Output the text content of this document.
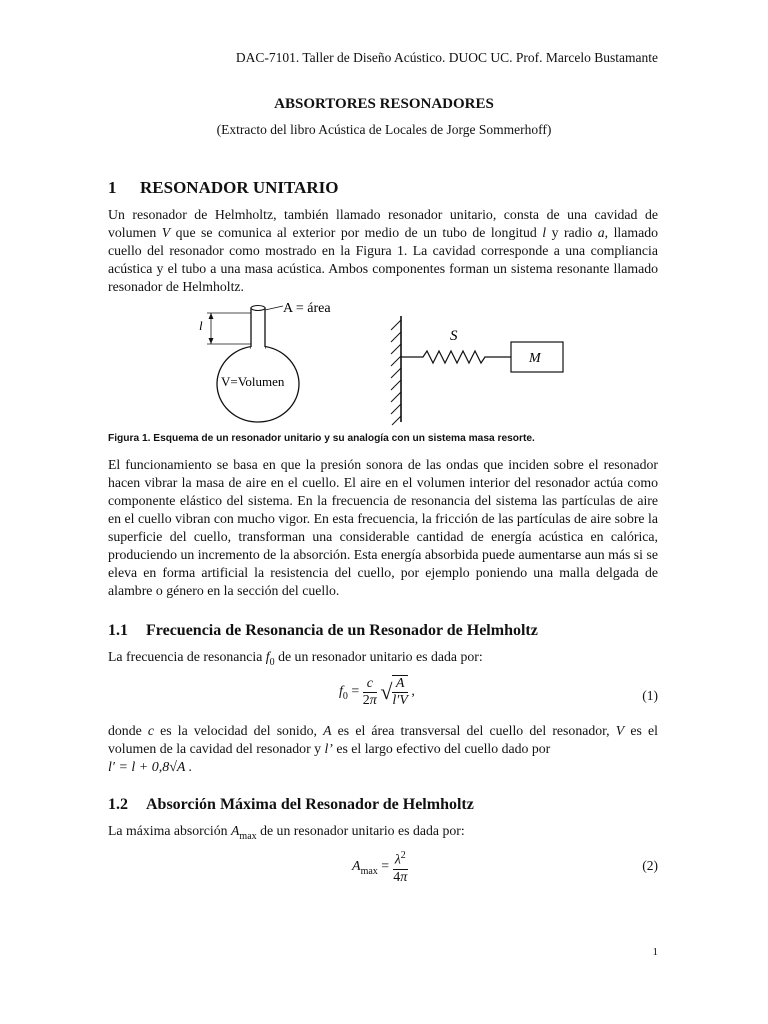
DAC-7101. Taller de Diseño Acústico. DUOC UC. Prof. Marcelo Bustamante
ABSORTORES RESONADORES
(Extracto del libro Acústica de Locales de Jorge Sommerhoff)
1 RESONADOR UNITARIO
Un resonador de Helmholtz, también llamado resonador unitario, consta de una cavidad de volumen V que se comunica al exterior por medio de un tubo de longitud l y radio a, llamado cuello del resonador como mostrado en la Figura 1. La cavidad corresponde a una compliancia acústica y el tubo a una masa acústica. Ambos componentes forman un sistema resonante llamado resonador de Helmholtz.
l
A = área
V=Volumen
S
M
Figura 1. Esquema de un resonador unitario y su analogía con un sistema masa resorte.
El funcionamiento se basa en que la presión sonora de las ondas que inciden sobre el resonador hacen vibrar la masa de aire en el cuello. El aire en el volumen interior del resonador actúa como componente elástico del sistema. En la frecuencia de resonancia del sistema las partículas de aire en el cuello vibran con mucho vigor. En esta frecuencia, la fricción de las partículas de aire sobre la superficie del cuello, transforman una considerable cantidad de energía acústica en calórica, produciendo un incremento de la absorción. Esta energía absorbida puede aumentarse aun más si se eleva en forma artificial la resistencia del cuello, por ejemplo poniendo una malla delgada de alambre o género en la sección del cuello.
1.1 Frecuencia de Resonancia de un Resonador de Helmholtz
La frecuencia de resonancia $f_0$ de un resonador unitario es dada por:
$f_0 = \frac{c}{2\pi}$ √ $\frac{A}{l'V}$ ,	(1)
donde c es la velocidad del sonido, A es el área transversal del cuello del resonador, V es el volumen de la cavidad del resonador y l’ es el largo efectivo del cuello dado por
l′ = l + 0,8√A .
1.2 Absorción Máxima del Resonador de Helmholtz
La máxima absorción $A_{max}$ de un resonador unitario es dada por:
$A_{max} = \frac{\lambda^2}{4\pi}$	(2)
1
